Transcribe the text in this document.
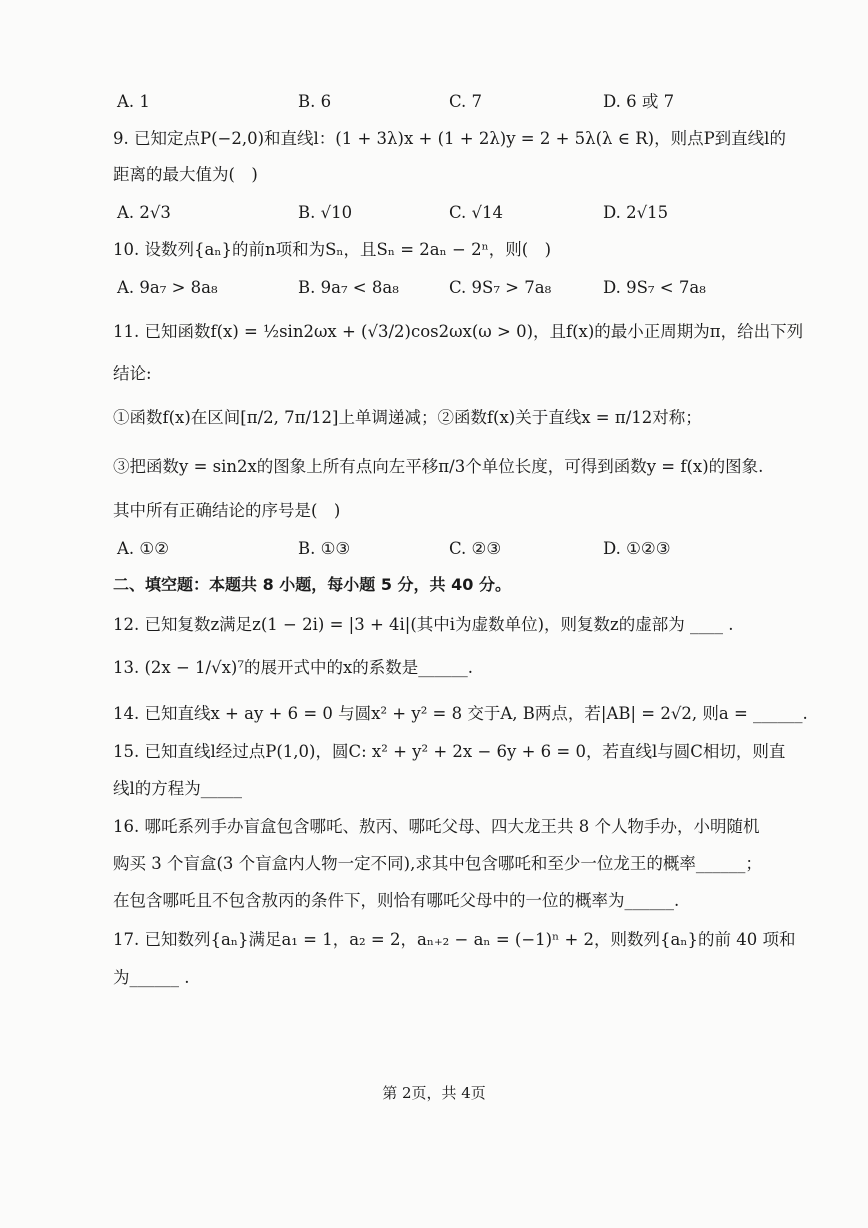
A. 1	B. 6	C. 7	D. 6 或 7
9. 已知定点P(−2,0)和直线l：(1 + 3λ)x + (1 + 2λ)y = 2 + 5λ(λ ∈ R)，则点P到直线l的
距离的最大值为(　)
A. 2√3	B. √10	C. √14	D. 2√15
10. 设数列{aₙ}的前n项和为Sₙ，且Sₙ = 2aₙ − 2ⁿ，则(　)
A. 9a₇ > 8a₈	B. 9a₇ < 8a₈	C. 9S₇ > 7a₈	D. 9S₇ < 7a₈
11. 已知函数f(x) = ½sin2ωx + (√3/2)cos2ωx(ω > 0)，且f(x)的最小正周期为π，给出下列
结论:
①函数f(x)在区间[π/2, 7π/12]上单调递减；②函数f(x)关于直线x = π/12对称；
③把函数y = sin2x的图象上所有点向左平移π/3个单位长度，可得到函数y = f(x)的图象.
其中所有正确结论的序号是(　)
A. ①②	B. ①③	C. ②③	D. ①②③
二、填空题：本题共 8 小题，每小题 5 分，共 40 分。
12. 已知复数z满足z(1 − 2i) = |3 + 4i|(其中i为虚数单位)，则复数z的虚部为 ____ .
13. (2x − 1/√x)⁷的展开式中的x的系数是______.
14. 已知直线x + ay + 6 = 0 与圆x² + y² = 8 交于A, B两点，若|AB| = 2√2, 则a = ______.
15. 已知直线l经过点P(1,0)，圆C: x² + y² + 2x − 6y + 6 = 0，若直线l与圆C相切，则直
线l的方程为_____
16. 哪吒系列手办盲盒包含哪吒、敖丙、哪吒父母、四大龙王共 8 个人物手办，小明随机
购买 3 个盲盒(3 个盲盒内人物一定不同),求其中包含哪吒和至少一位龙王的概率______；
在包含哪吒且不包含敖丙的条件下，则恰有哪吒父母中的一位的概率为______.
17. 已知数列{aₙ}满足a₁ = 1，a₂ = 2，aₙ₊₂ − aₙ = (−1)ⁿ + 2，则数列{aₙ}的前 40 项和
为______ .
第 2页，共 4页
